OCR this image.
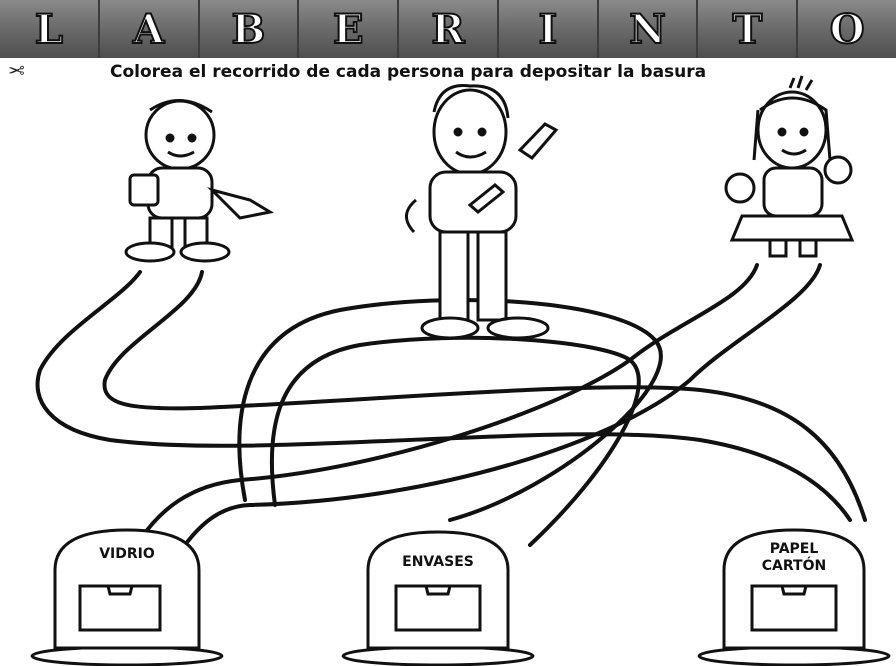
L A B E R I N T O
✂	Colorea el recorrido de cada persona para depositar la basura
VIDRIO	ENVASES
PAPEL
CARTÓN
